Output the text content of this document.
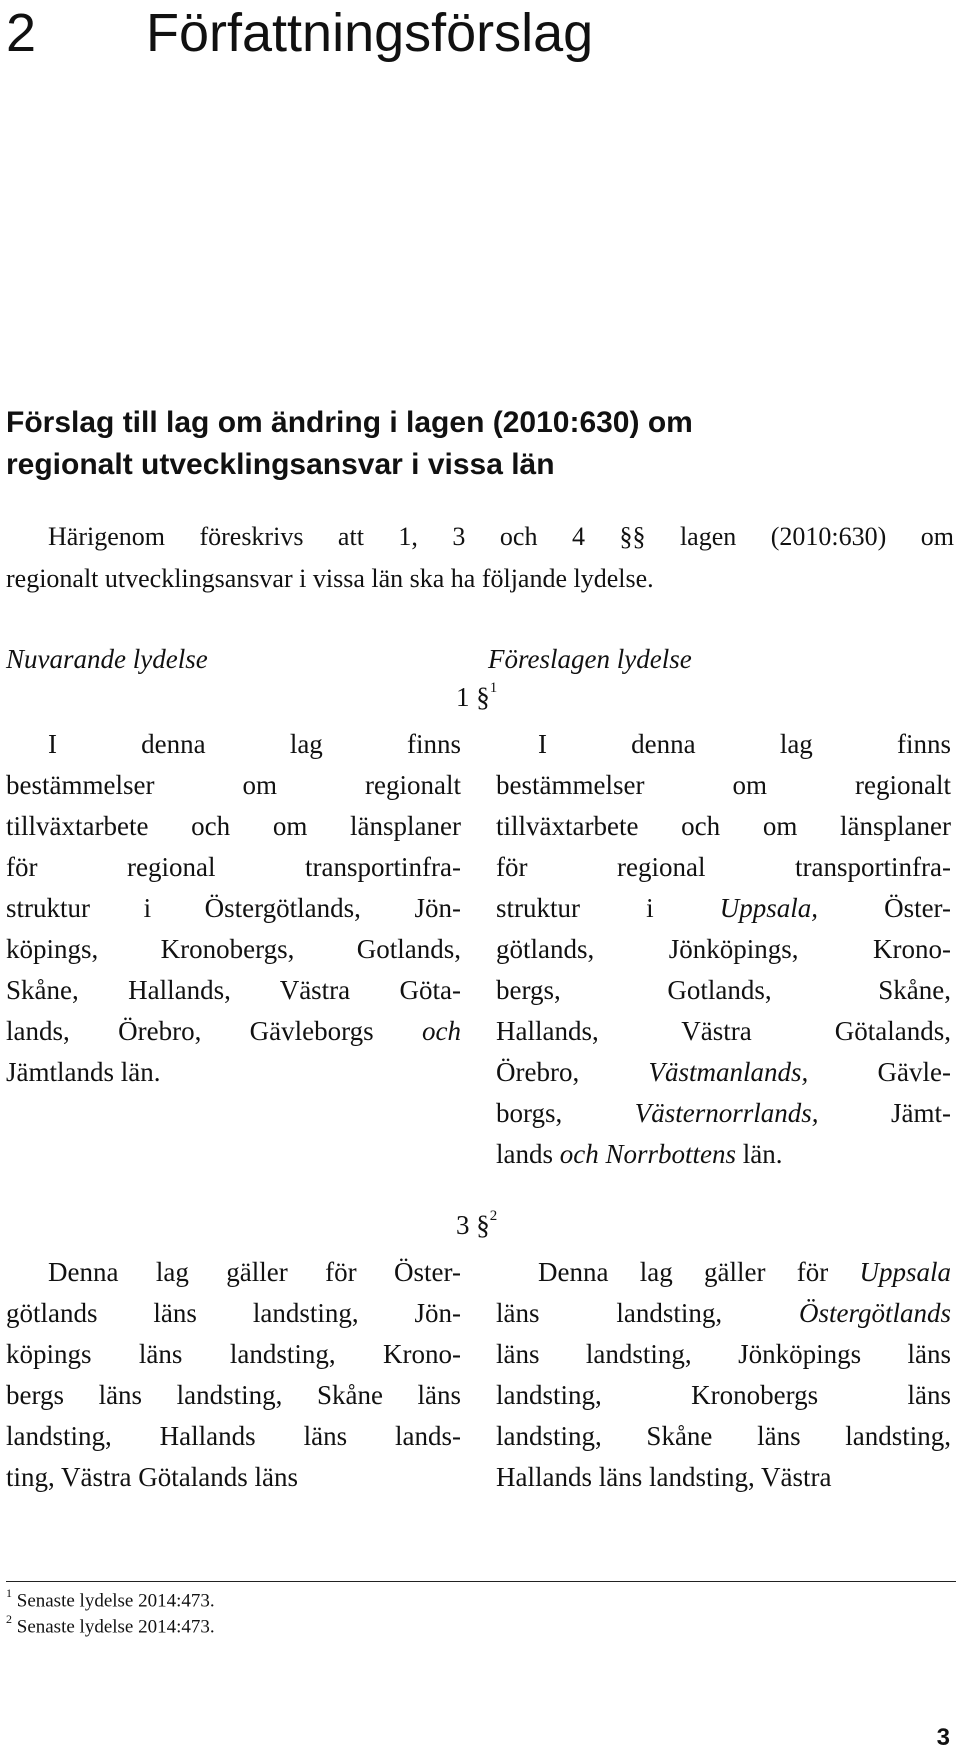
2 Författningsförslag
Förslag till lag om ändring i lagen (2010:630) om
regionalt utvecklingsansvar i vissa län
Härigenom föreskrivs att 1, 3 och 4 §§ lagen (2010:630) om
regionalt utvecklingsansvar i vissa län ska ha följande lydelse.
Nuvarande lydelse	Föreslagen lydelse
1 §$^1$
I denna lag finns
bestämmelser om regionalt
tillväxtarbete och om länsplaner
för regional transportinfra-
struktur i Östergötlands, Jön-
köpings, Kronobergs, Gotlands,
Skåne, Hallands, Västra Göta-
lands, Örebro, Gävleborgs och
Jämtlands län.
I denna lag finns
bestämmelser om regionalt
tillväxtarbete och om länsplaner
för regional transportinfra-
struktur i Uppsala, Öster-
götlands, Jönköpings, Krono-
bergs, Gotlands, Skåne,
Hallands, Västra Götalands,
Örebro, Västmanlands, Gävle-
borgs, Västernorrlands, Jämt-
lands och Norrbottens län.
3 §$^2$
Denna lag gäller för Öster-
götlands läns landsting, Jön-
köpings läns landsting, Krono-
bergs läns landsting, Skåne läns
landsting, Hallands läns lands-
ting, Västra Götalands läns
Denna lag gäller för Uppsala
läns landsting, Östergötlands
läns landsting, Jönköpings läns
landsting, Kronobergs läns
landsting, Skåne läns landsting,
Hallands läns landsting, Västra
$^1$ Senaste lydelse 2014:473.
$^2$ Senaste lydelse 2014:473.
3
